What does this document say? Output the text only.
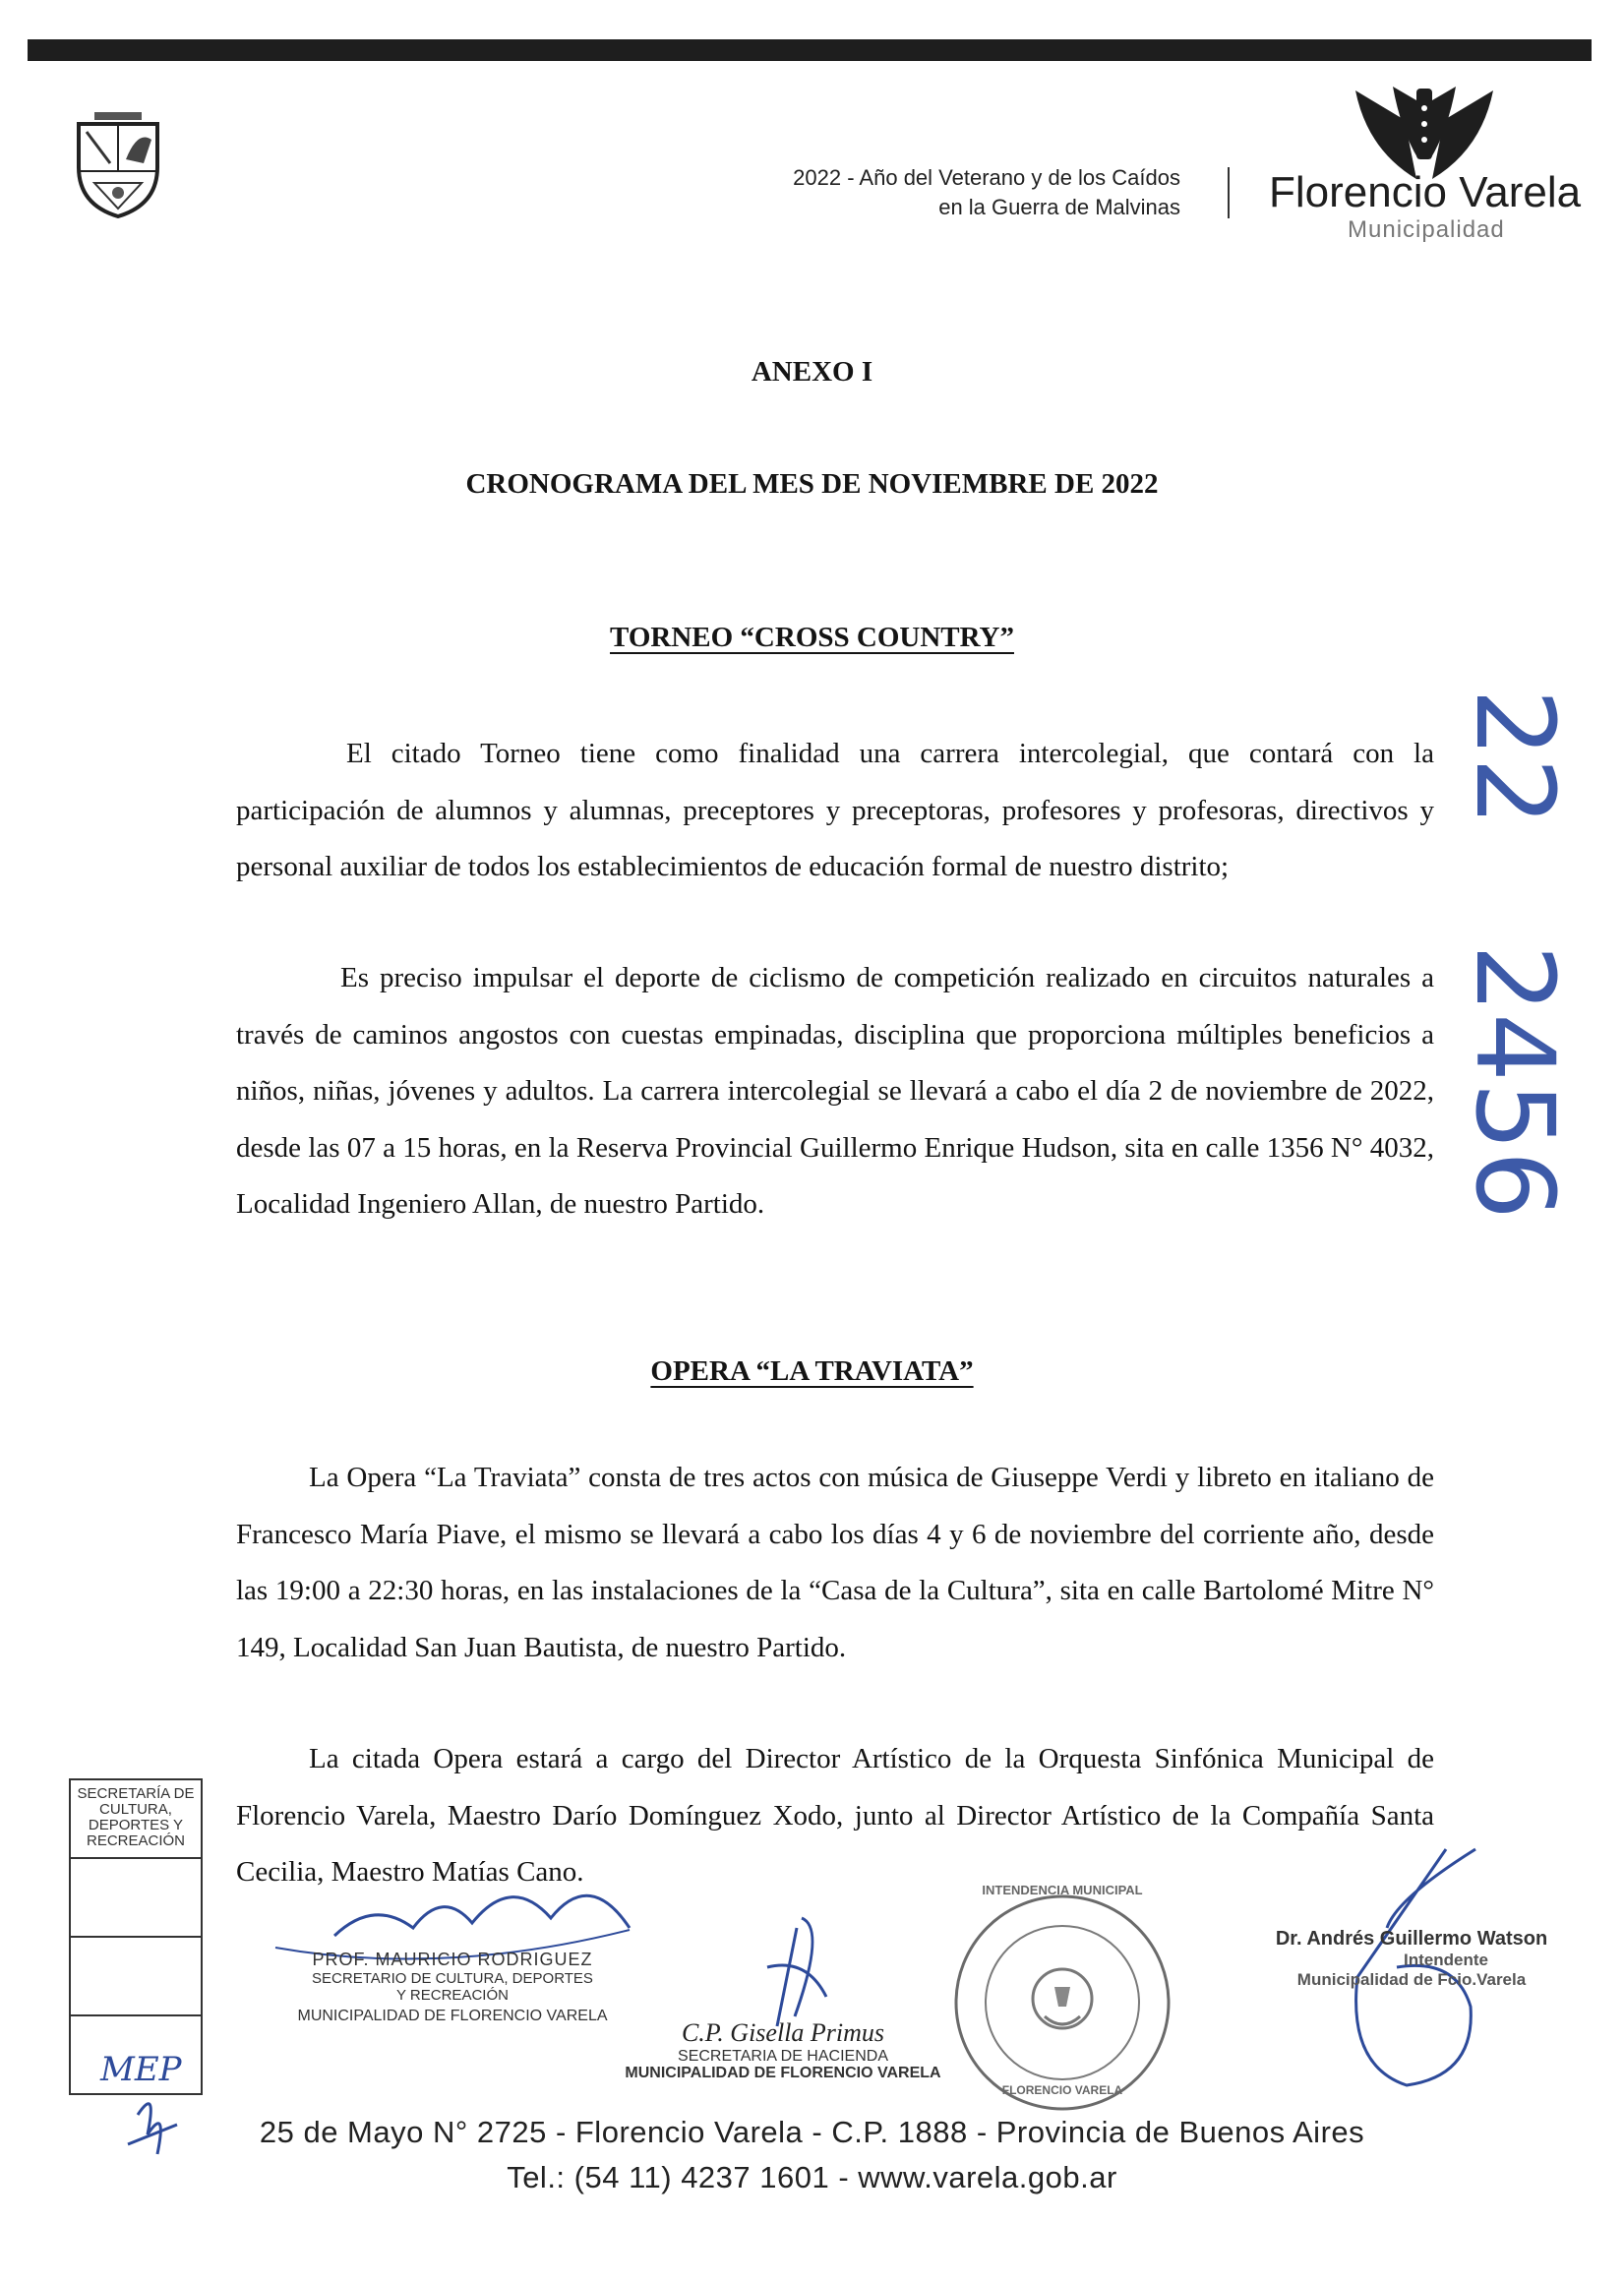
2022 - Año del Veterano y de los Caídos
en la Guerra de Malvinas Florencio Varela
Municipalidad
ANEXO I
CRONOGRAMA DEL MES DE NOVIEMBRE DE 2022
TORNEO “CROSS COUNTRY”

El citado Torneo tiene como finalidad una carrera intercolegial, que contará con la participación de alumnos y alumnas, preceptores y preceptoras, profesores y profesoras, directivos y personal auxiliar de todos los establecimientos de educación formal de nuestro distrito;

Es preciso impulsar el deporte de ciclismo de competición realizado en circuitos naturales a través de caminos angostos con cuestas empinadas, disciplina que proporciona múltiples beneficios a niños, niñas, jóvenes y adultos. La carrera intercolegial se llevará a cabo el día 2 de noviembre de 2022, desde las 07 a 15 horas, en la Reserva Provincial Guillermo Enrique Hudson, sita en calle 1356 N° 4032, Localidad Ingeniero Allan, de nuestro Partido.

OPERA “LA TRAVIATA”

La Opera “La Traviata” consta de tres actos con música de Giuseppe Verdi y libreto en italiano de Francesco María Piave, el mismo se llevará a cabo los días 4 y 6 de noviembre del corriente año, desde las 19:00 a 22:30 horas, en las instalaciones de la “Casa de la Cultura”, sita en calle Bartolomé Mitre N° 149, Localidad San Juan Bautista, de nuestro Partido.

La citada Opera estará a cargo del Director Artístico de la Orquesta Sinfónica Municipal de Florencio Varela, Maestro Darío Domínguez Xodo, junto al Director Artístico de la Compañía Santa Cecilia, Maestro Matías Cano.

22
2456
SECRETARÍA DE CULTURA, DEPORTES Y RECREACIÓN
MEP
INTENDENCIA MUNICIPAL
FLORENCIO VARELA
PROF. MAURICIO RODRIGUEZ
SECRETARIO DE CULTURA, DEPORTES
Y RECREACIÓN
MUNICIPALIDAD DE FLORENCIO VARELA
C.P. Gisella Primus
SECRETARIA DE HACIENDA
MUNICIPALIDAD DE FLORENCIO VARELA
Dr. Andrés Guillermo Watson
Intendente
Municipalidad de Fcio.Varela
25 de Mayo N° 2725 - Florencio Varela - C.P. 1888 - Provincia de Buenos Aires
Tel.: (54 11) 4237 1601 - www.varela.gob.ar
